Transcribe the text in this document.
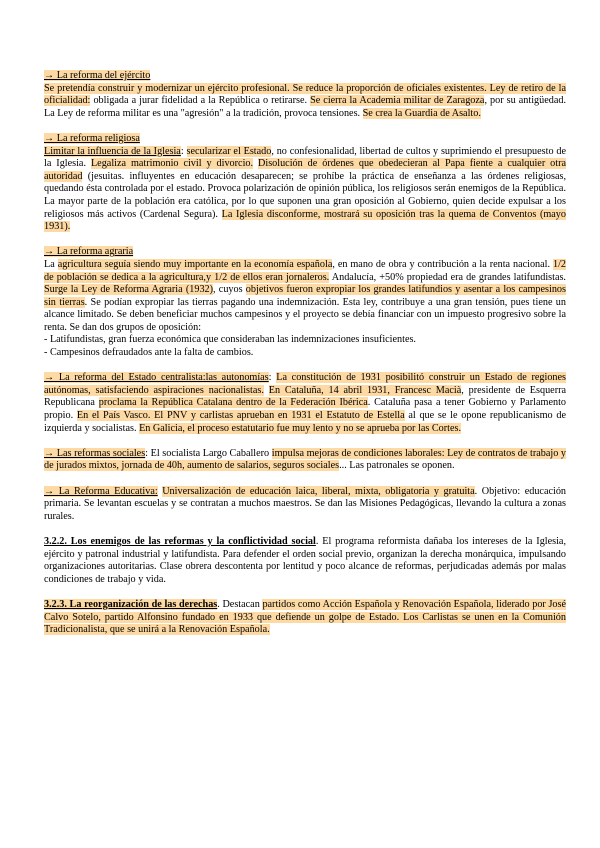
→ La reforma del ejército
Se pretendía construir y modernizar un ejército profesional. Se reduce la proporción de oficiales existentes. Ley de retiro de la oficialidad: obligada a jurar fidelidad a la República o retirarse. Se cierra la Academia militar de Zaragoza, por su antigüedad. La Ley de reforma militar es una "agresión" a la tradición, provoca tensiones. Se crea la Guardia de Asalto.

→ La reforma religiosa
Limitar la influencia de la Iglesia: secularizar el Estado, no confesionalidad, libertad de cultos y suprimiendo el presupuesto de la Iglesia. Legaliza matrimonio civil y divorcio. Disolución de órdenes que obedecieran al Papa fiente a cualquier otra autoridad (jesuitas. influyentes en educación desaparecen; se prohíbe la práctica de enseñanza a las órdenes religiosas, quedando ésta controlada por el estado. Provoca polarización de opinión pública, los religiosos serán enemigos de la República. La mayor parte de la población era católica, por lo que suponen una gran oposición al Gobierno, quien decide expulsar a los religiosos más activos (Cardenal Segura). La Iglesia disconforme, mostrará su oposición tras la quema de Conventos (mayo 1931).

→ La reforma agraria
La agricultura seguía siendo muy importante en la economía española, en mano de obra y contribución a la renta nacional. 1/2 de población se dedica a la agricultura,y 1/2 de ellos eran jornaleros. Andalucía, +50% propiedad era de grandes latifundistas. Surge la Ley de Reforma Agraria (1932), cuyos objetivos fueron expropiar los grandes latifundios y asentar a los campesinos sin tierras. Se podían expropiar las tierras pagando una indemnización. Esta ley, contribuye a una gran tensión, pues tiene un alcance limitado. Se deben beneficiar muchos campesinos y el proyecto se debía financiar con un impuesto progresivo sobre la renta. Se dan dos grupos de oposición:
- Latifundistas, gran fuerza económica que consideraban las indemnizaciones insuficientes.
- Campesinos defraudados ante la falta de cambios.

→ La reforma del Estado centralista:las autonomías: La constitución de 1931 posibilitó construir un Estado de regiones autónomas, satisfaciendo aspiraciones nacionalistas. En Cataluña, 14 abril 1931, Francesc Macià, presidente de Esquerra Republicana proclama la República Catalana dentro de la Federación Ibérica. Cataluña pasa a tener Gobierno y Parlamento propio. En el País Vasco. El PNV y carlistas aprueban en 1931 el Estatuto de Estella al que se le opone republicanismo de izquierda y socialistas. En Galicia, el proceso estatutario fue muy lento y no se aprueba por las Cortes.

→ Las reformas sociales: El socialista Largo Caballero impulsa mejoras de condiciones laborales: Ley de contratos de trabajo y de jurados mixtos, jornada de 40h, aumento de salarios, seguros sociales... Las patronales se oponen.

→ La Reforma Educativa: Universalización de educación laica, liberal, mixta, obligatoria y gratuita. Objetivo: educación primaria. Se levantan escuelas y se contratan a muchos maestros. Se dan las Misiones Pedagógicas, llevando la cultura a zonas rurales.

3.2.2. Los enemigos de las reformas y la conflictividad social. El programa reformista dañaba los intereses de la Iglesia, ejército y patronal industrial y latifundista. Para defender el orden social previo, organizan la derecha monárquica, impulsando organizaciones autoritarias. Clase obrera descontenta por lentitud y poco alcance de reformas, perjudicadas además por malas condiciones de trabajo y vida.

3.2.3. La reorganización de las derechas. Destacan partidos como Acción Española y Renovación Española, liderado por José Calvo Sotelo, partido Alfonsino fundado en 1933 que defiende un golpe de Estado. Los Carlistas se unen en la Comunión Tradicionalista, que se unirá a la Renovación Española.
